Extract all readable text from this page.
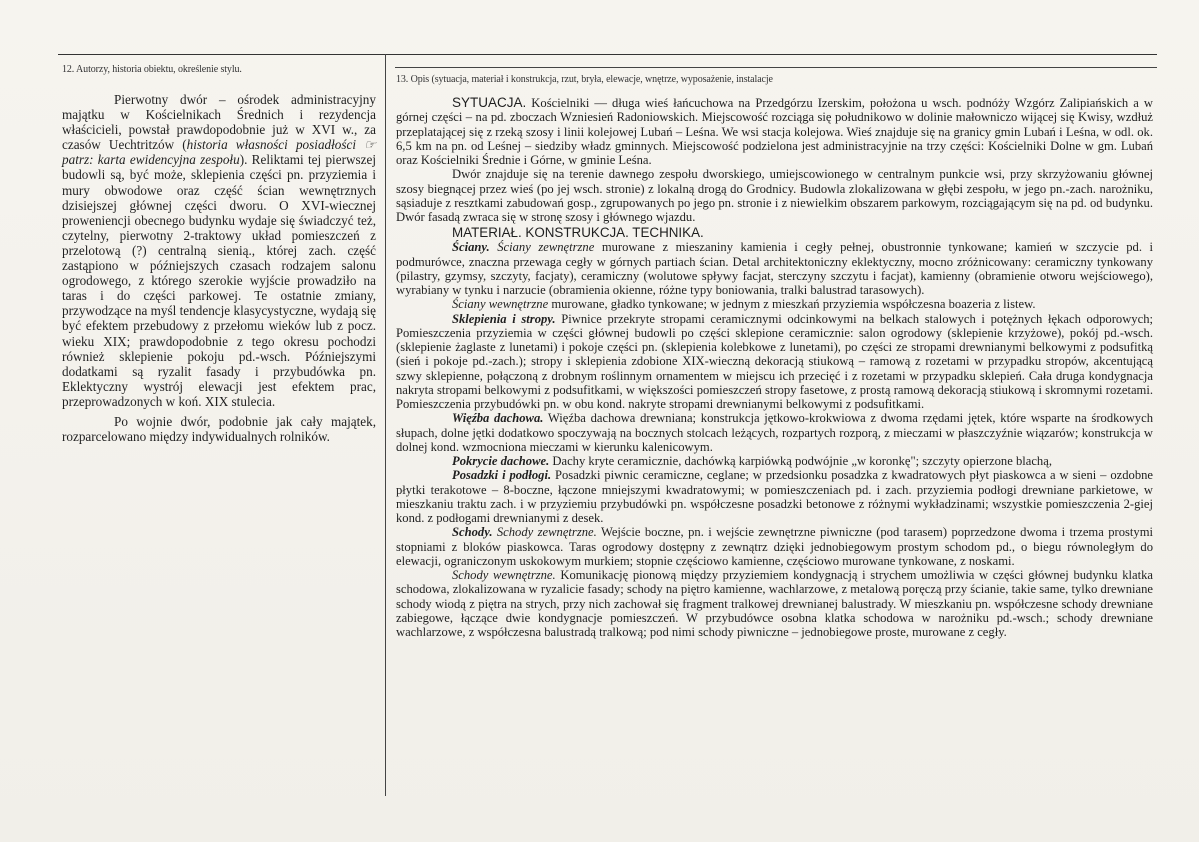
12. Autorzy, historia obiektu, określenie stylu.

Pierwotny dwór – ośrodek administracyjny majątku w Kościelnikach Średnich i rezydencja właścicieli, powstał prawdopodobnie już w XVI w., za czasów Uechtritzów (historia własności posiadłości ☞ patrz: karta ewidencyjna zespołu). Reliktami tej pierwszej budowli są, być może, sklepienia części pn. przyziemia i mury obwodowe oraz część ścian wewnętrznych dzisiejszej głównej części dworu. O XVI-wiecznej proweniencji obecnego budynku wydaje się świadczyć też, czytelny, pierwotny 2-traktowy układ pomieszczeń z przelotową (?) centralną sienią., której zach. część zastąpiono w późniejszych czasach rodzajem salonu ogrodowego, z którego szerokie wyjście prowadziło na taras i do części parkowej. Te ostatnie zmiany, przywodzące na myśl tendencje klasycystyczne, wydają się być efektem przebudowy z przełomu wieków lub z pocz. wieku XIX; prawdopodobnie z tego okresu pochodzi również sklepienie pokoju pd.-wsch. Późniejszymi dodatkami są ryzalit fasady i przybudówka pn. Eklektyczny wystrój elewacji jest efektem prac, przeprowadzonych w koń. XIX stulecia.

Po wojnie dwór, podobnie jak cały majątek, rozparcelowano między indywidualnych rolników.

13. Opis (sytuacja, materiał i konstrukcja, rzut, bryła, elewacje, wnętrze, wyposażenie, instalacje

SYTUACJA. Kościelniki — długa wieś łańcuchowa na Przedgórzu Izerskim, położona u wsch. podnóży Wzgórz Zalipiańskich a w górnej części – na pd. zboczach Wzniesień Radoniowskich. Miejscowość rozciąga się południkowo w dolinie małowniczo wijącej się Kwisy, wzdłuż przeplatającej się z rzeką szosy i linii kolejowej Lubań – Leśna. We wsi stacja kolejowa. Wieś znajduje się na granicy gmin Lubań i Leśna, w odl. ok. 6,5 km na pn. od Leśnej – siedziby władz gminnych. Miejscowość podzielona jest administracyjnie na trzy części: Kościelniki Dolne w gm. Lubań oraz Kościelniki Średnie i Górne, w gminie Leśna.

Dwór znajduje się na terenie dawnego zespołu dworskiego, umiejscowionego w centralnym punkcie wsi, przy skrzyżowaniu głównej szosy biegnącej przez wieś (po jej wsch. stronie) z lokalną drogą do Grodnicy. Budowla zlokalizowana w głębi zespołu, w jego pn.-zach. narożniku, sąsiaduje z resztkami zabudowań gosp., zgrupowanych po jego pn. stronie i z niewielkim obszarem parkowym, rozciągającym się na pd. od budynku. Dwór fasadą zwraca się w stronę szosy i głównego wjazdu.

MATERIAŁ. KONSTRUKCJA. TECHNIKA.

Ściany. Ściany zewnętrzne murowane z mieszaniny kamienia i cegły pełnej, obustronnie tynkowane; kamień w szczycie pd. i podmurówce, znaczna przewaga cegły w górnych partiach ścian. Detal architektoniczny eklektyczny, mocno zróżnicowany: ceramiczny tynkowany (pilastry, gzymsy, szczyty, facjaty), ceramiczny (wolutowe spływy facjat, sterczyny szczytu i facjat), kamienny (obramienie otworu wejściowego), wyrabiany w tynku i narzucie (obramienia okienne, różne typy boniowania, tralki balustrad tarasowych).

Ściany wewnętrzne murowane, gładko tynkowane; w jednym z mieszkań przyziemia współczesna boazeria z listew.

Sklepienia i stropy. Piwnice przekryte stropami ceramicznymi odcinkowymi na belkach stalowych i potężnych łękach odporowych; Pomieszczenia przyziemia w części głównej budowli po części sklepione ceramicznie: salon ogrodowy (sklepienie krzyżowe), pokój pd.-wsch. (sklepienie żaglaste z lunetami) i pokoje części pn. (sklepienia kolebkowe z lunetami), po części ze stropami drewnianymi belkowymi z podsufitką (sień i pokoje pd.-zach.); stropy i sklepienia zdobione XIX-wieczną dekoracją stiukową – ramową z rozetami w przypadku stropów, akcentującą szwy sklepienne, połączoną z drobnym roślinnym ornamentem w miejscu ich przecięć i z rozetami w przypadku sklepień. Cała druga kondygnacja nakryta stropami belkowymi z podsufitkami, w większości pomieszczeń stropy fasetowe, z prostą ramową dekoracją stiukową i skromnymi rozetami. Pomieszczenia przybudówki pn. w obu kond. nakryte stropami drewnianymi belkowymi z podsufitkami.

Więźba dachowa. Więźba dachowa drewniana; konstrukcja jętkowo-krokwiowa z dwoma rzędami jętek, które wsparte na środkowych słupach, dolne jętki dodatkowo spoczywają na bocznych stolcach leżących, rozpartych rozporą, z mieczami w płaszczyźnie wiązarów; konstrukcja w dolnej kond. wzmocniona mieczami w kierunku kalenicowym.

Pokrycie dachowe. Dachy kryte ceramicznie, dachówką karpiówką podwójnie „w koronkę"; szczyty opierzone blachą,

Posadzki i podłogi. Posadzki piwnic ceramiczne, ceglane; w przedsionku posadzka z kwadratowych płyt piaskowca a w sieni – ozdobne płytki terakotowe – 8-boczne, łączone mniejszymi kwadratowymi; w pomieszczeniach pd. i zach. przyziemia podłogi drewniane parkietowe, w mieszkaniu traktu zach. i w przyziemiu przybudówki pn. współczesne posadzki betonowe z różnymi wykładzinami; wszystkie pomieszczenia 2-giej kond. z podłogami drewnianymi z desek.

Schody. Schody zewnętrzne. Wejście boczne, pn. i wejście zewnętrzne piwniczne (pod tarasem) poprzedzone dwoma i trzema prostymi stopniami z bloków piaskowca. Taras ogrodowy dostępny z zewnątrz dzięki jednobiegowym prostym schodom pd., o biegu równoległym do elewacji, ograniczonym uskokowym murkiem; stopnie częściowo kamienne, częściowo murowane tynkowane, z noskami.

Schody wewnętrzne. Komunikację pionową między przyziemiem kondygnacją i strychem umożliwia w części głównej budynku klatka schodowa, zlokalizowana w ryzalicie fasady; schody na piętro kamienne, wachlarzowe, z metalową poręczą przy ścianie, takie same, tylko drewniane schody wiodą z piętra na strych, przy nich zachował się fragment tralkowej drewnianej balustrady. W mieszkaniu pn. współczesne schody drewniane zabiegowe, łączące dwie kondygnacje pomieszczeń. W przybudówce osobna klatka schodowa w narożniku pd.-wsch.; schody drewniane wachlarzowe, z współczesna balustradą tralkową; pod nimi schody piwniczne – jednobiegowe proste, murowane z cegły.
